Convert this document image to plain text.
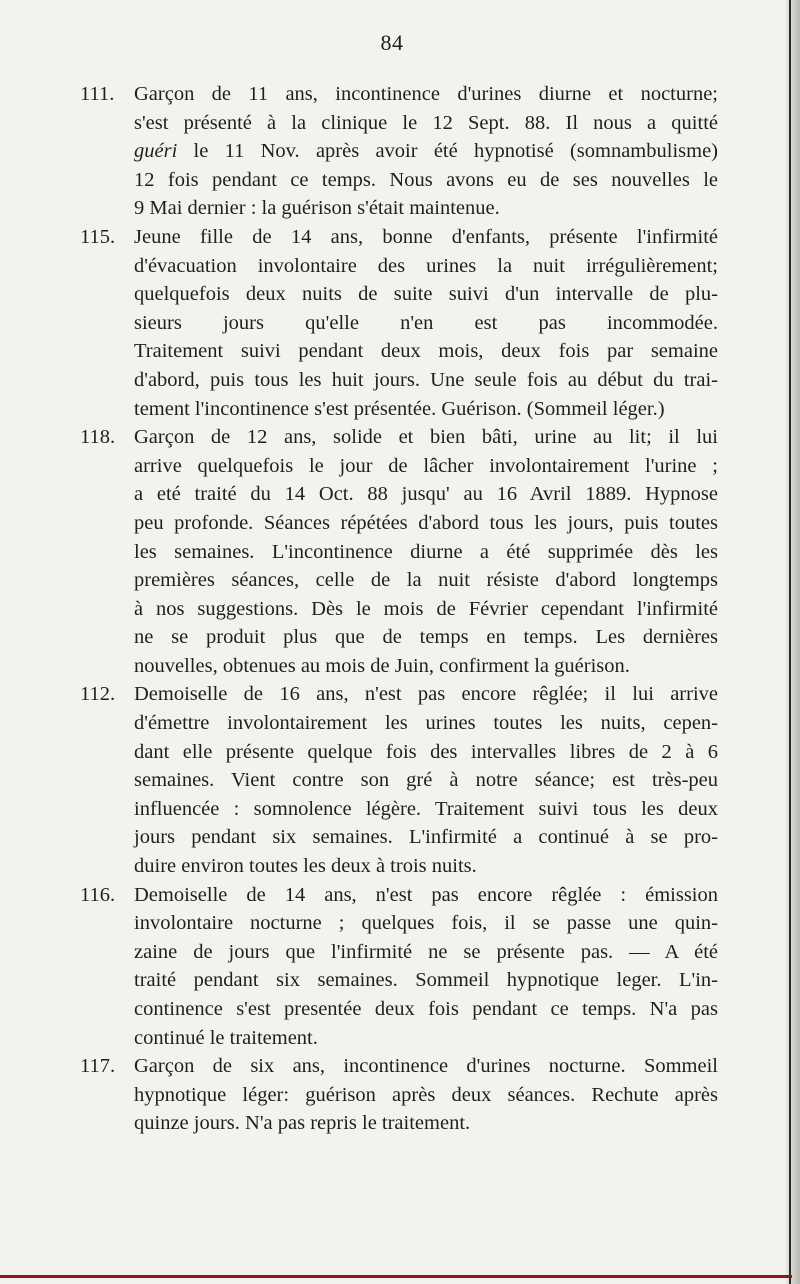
84
111. Garçon de 11 ans, incontinence d'urines diurne et nocturne;
s'est présenté à la clinique le 12 Sept. 88. Il nous a quitté
guéri le 11 Nov. après avoir été hypnotisé (somnambulisme)
12 fois pendant ce temps. Nous avons eu de ses nouvelles le
9 Mai dernier : la guérison s'était maintenue.
115. Jeune fille de 14 ans, bonne d'enfants, présente l'infirmité
d'évacuation involontaire des urines la nuit irrégulièrement;
quelquefois deux nuits de suite suivi d'un intervalle de plu-
sieurs jours qu'elle n'en est pas incommodée.
Traitement suivi pendant deux mois, deux fois par semaine
d'abord, puis tous les huit jours. Une seule fois au début du trai-
tement l'incontinence s'est présentée. Guérison. (Sommeil léger.)
118. Garçon de 12 ans, solide et bien bâti, urine au lit; il lui
arrive quelquefois le jour de lâcher involontairement l'urine ;
a eté traité du 14 Oct. 88 jusqu' au 16 Avril 1889. Hypnose
peu profonde. Séances répétées d'abord tous les jours, puis toutes
les semaines. L'incontinence diurne a été supprimée dès les
premières séances, celle de la nuit résiste d'abord longtemps
à nos suggestions. Dès le mois de Février cependant l'infirmité
ne se produit plus que de temps en temps. Les dernières
nouvelles, obtenues au mois de Juin, confirment la guérison.
112. Demoiselle de 16 ans, n'est pas encore rêglée; il lui arrive
d'émettre involontairement les urines toutes les nuits, cepen-
dant elle présente quelque fois des intervalles libres de 2 à 6
semaines. Vient contre son gré à notre séance; est très-peu
influencée : somnolence légère. Traitement suivi tous les deux
jours pendant six semaines. L'infirmité a continué à se pro-
duire environ toutes les deux à trois nuits.
116. Demoiselle de 14 ans, n'est pas encore rêglée : émission
involontaire nocturne ; quelques fois, il se passe une quin-
zaine de jours que l'infirmité ne se présente pas. — A été
traité pendant six semaines. Sommeil hypnotique leger. L'in-
continence s'est presentée deux fois pendant ce temps. N'a pas
continué le traitement.
117. Garçon de six ans, incontinence d'urines nocturne. Sommeil
hypnotique léger: guérison après deux séances. Rechute après
quinze jours. N'a pas repris le traitement.
